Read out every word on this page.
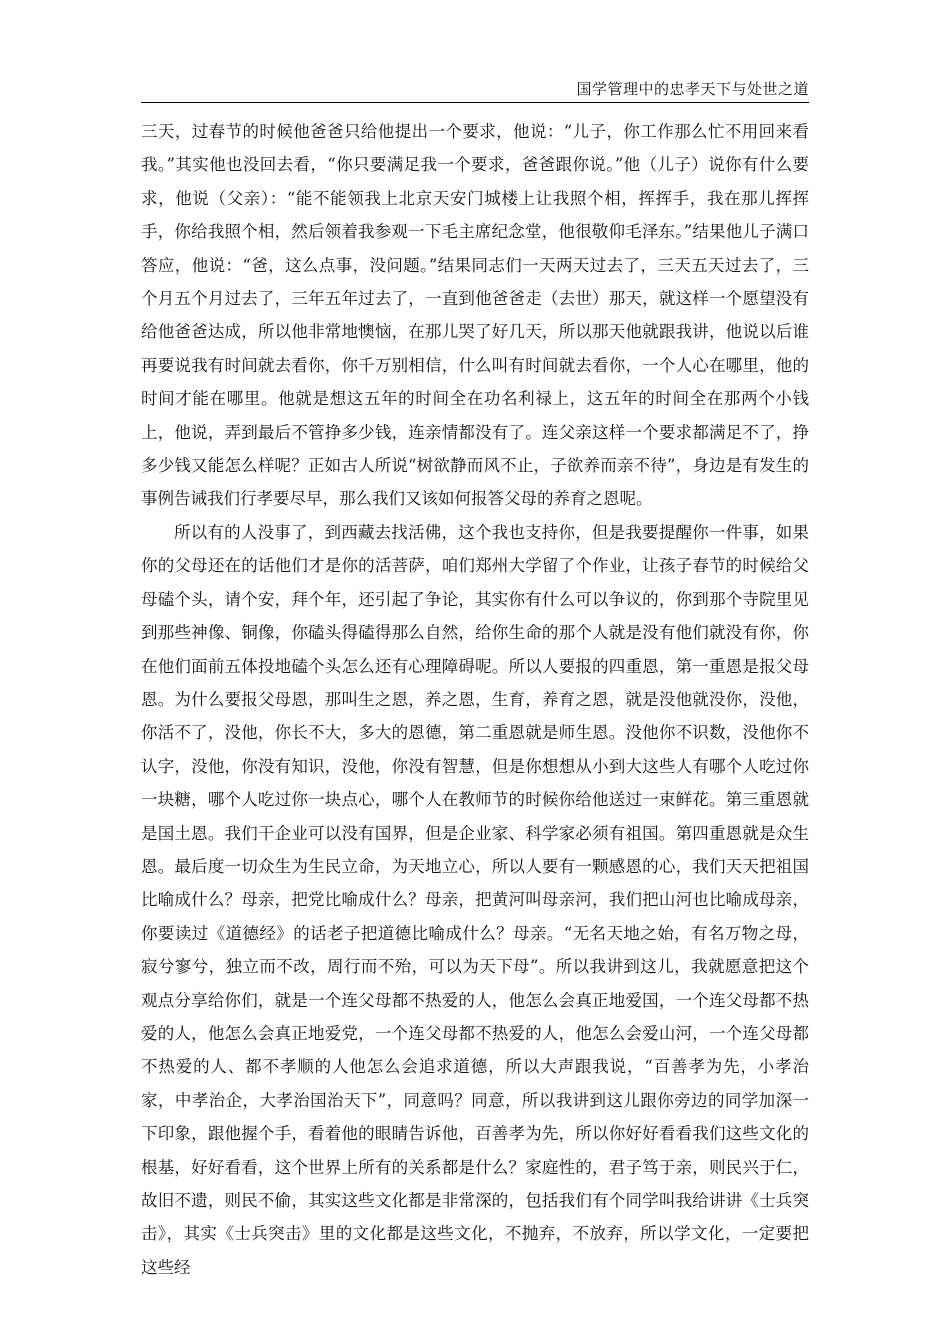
国学管理中的忠孝天下与处世之道

三天，过春节的时候他爸爸只给他提出一个要求，他说：“儿子，你工作那么忙不用回来看我。”其实他也没回去看，“你只要满足我一个要求，爸爸跟你说。”他（儿子）说你有什么要求，他说（父亲）：“能不能领我上北京天安门城楼上让我照个相，挥挥手，我在那儿挥挥手，你给我照个相，然后领着我参观一下毛主席纪念堂，他很敬仰毛泽东。”结果他儿子满口答应，他说：“爸，这么点事，没问题。”结果同志们一天两天过去了，三天五天过去了，三个月五个月过去了，三年五年过去了，一直到他爸爸走（去世）那天，就这样一个愿望没有给他爸爸达成，所以他非常地懊恼，在那儿哭了好几天，所以那天他就跟我讲，他说以后谁再要说我有时间就去看你，你千万别相信，什么叫有时间就去看你，一个人心在哪里，他的时间才能在哪里。他就是想这五年的时间全在功名利禄上，这五年的时间全在那两个小钱上，他说，弄到最后不管挣多少钱，连亲情都没有了。连父亲这样一个要求都满足不了，挣多少钱又能怎么样呢？正如古人所说“树欲静而风不止，子欲养而亲不待”，身边是有发生的事例告诫我们行孝要尽早，那么我们又该如何报答父母的养育之恩呢。

所以有的人没事了，到西藏去找活佛，这个我也支持你，但是我要提醒你一件事，如果你的父母还在的话他们才是你的活菩萨，咱们郑州大学留了个作业，让孩子春节的时候给父母磕个头，请个安，拜个年，还引起了争论，其实你有什么可以争议的，你到那个寺院里见到那些神像、铜像，你磕头得磕得那么自然，给你生命的那个人就是没有他们就没有你，你在他们面前五体投地磕个头怎么还有心理障碍呢。所以人要报的四重恩，第一重恩是报父母恩。为什么要报父母恩，那叫生之恩，养之恩，生育，养育之恩，就是没他就没你，没他，你活不了，没他，你长不大，多大的恩德，第二重恩就是师生恩。没他你不识数，没他你不认字，没他，你没有知识，没他，你没有智慧，但是你想想从小到大这些人有哪个人吃过你一块糖，哪个人吃过你一块点心，哪个人在教师节的时候你给他送过一束鲜花。第三重恩就是国土恩。我们干企业可以没有国界，但是企业家、科学家必须有祖国。第四重恩就是众生恩。最后度一切众生为生民立命，为天地立心，所以人要有一颗感恩的心，我们天天把祖国比喻成什么？母亲，把党比喻成什么？母亲，把黄河叫母亲河，我们把山河也比喻成母亲，你要读过《道德经》的话老子把道德比喻成什么？母亲。“无名天地之始，有名万物之母，寂兮寥兮，独立而不改，周行而不殆，可以为天下母”。所以我讲到这儿，我就愿意把这个观点分享给你们，就是一个连父母都不热爱的人，他怎么会真正地爱国，一个连父母都不热爱的人，他怎么会真正地爱党，一个连父母都不热爱的人，他怎么会爱山河，一个连父母都不热爱的人、都不孝顺的人他怎么会追求道德，所以大声跟我说，“百善孝为先，小孝治家，中孝治企，大孝治国治天下”，同意吗？同意，所以我讲到这儿跟你旁边的同学加深一下印象，跟他握个手，看着他的眼睛告诉他，百善孝为先，所以你好好看看我们这些文化的根基，好好看看，这个世界上所有的关系都是什么？家庭性的，君子笃于亲，则民兴于仁，故旧不遗，则民不偷，其实这些文化都是非常深的，包括我们有个同学叫我给讲讲《士兵突击》，其实《士兵突击》里的文化都是这些文化，不抛弃，不放弃，所以学文化，一定要把这些经
